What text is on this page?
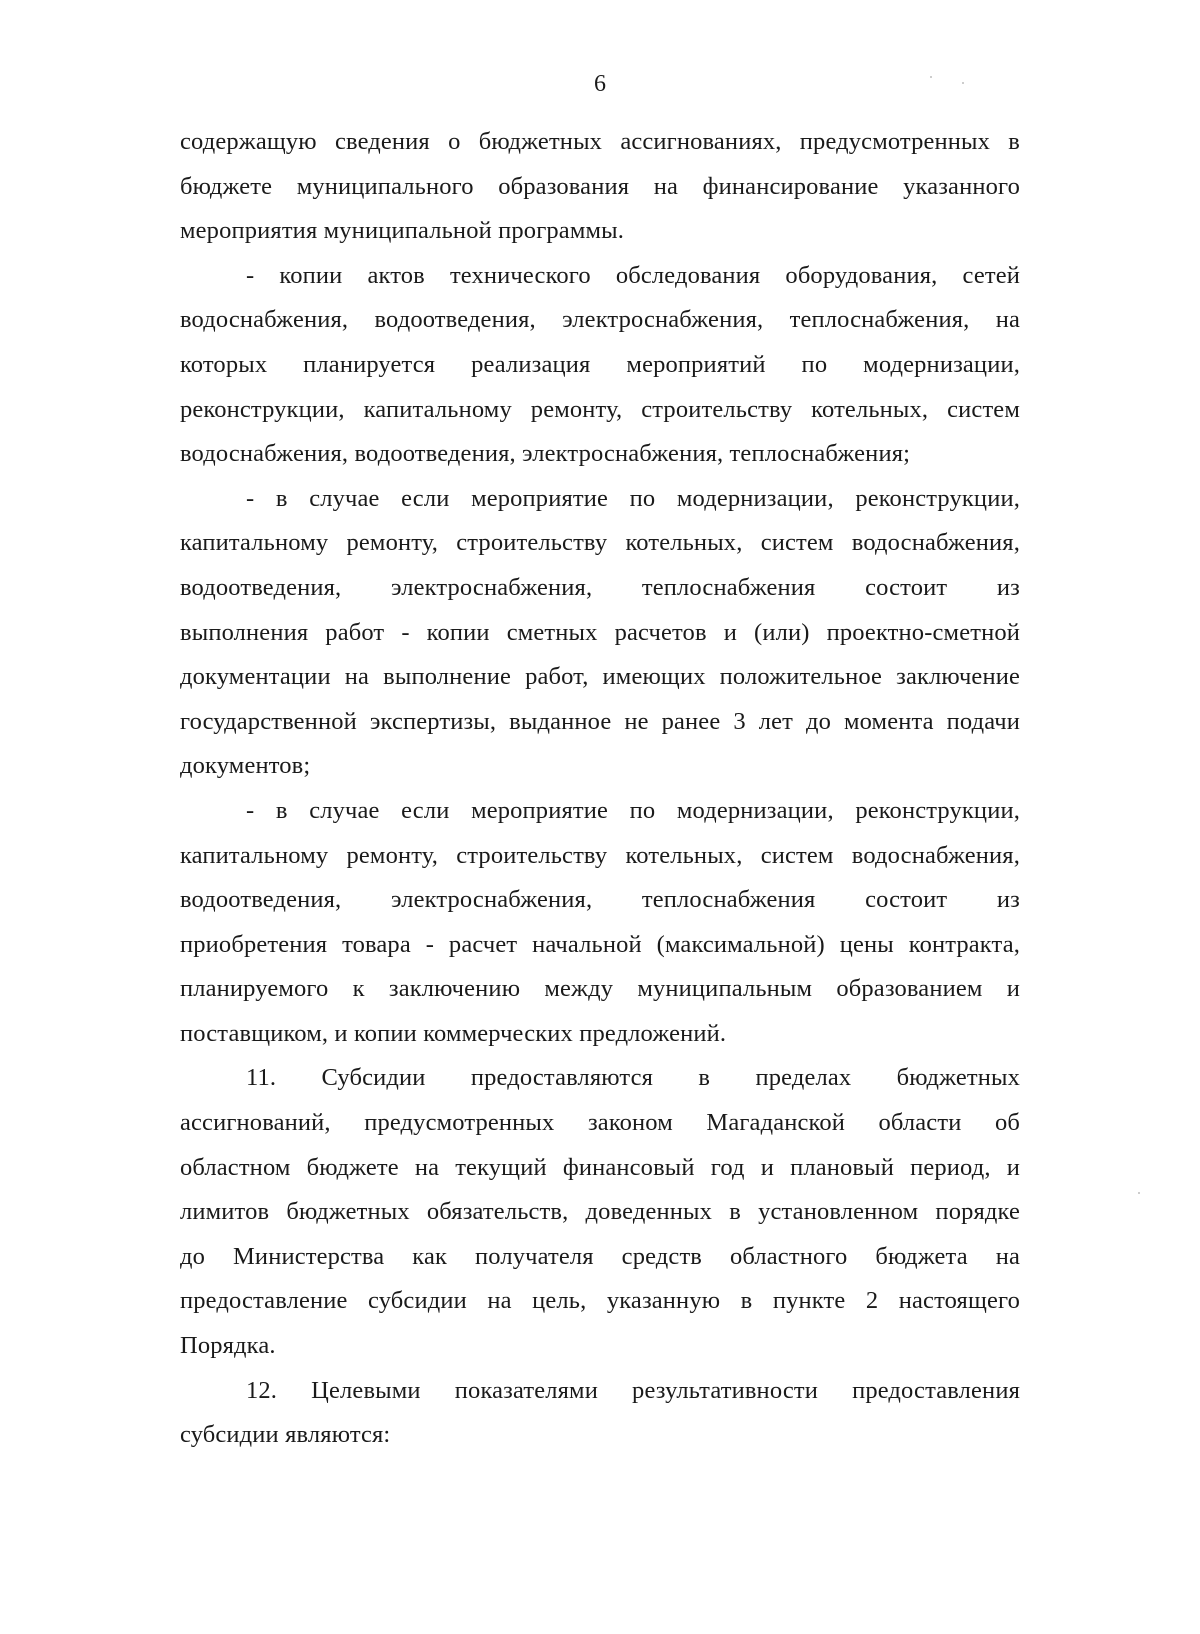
6

содержащую сведения о бюджетных ассигнованиях, предусмотренных в
бюджете муниципального образования на финансирование указанного
мероприятия муниципальной программы.

- копии актов технического обследования оборудования, сетей
водоснабжения, водоотведения, электроснабжения, теплоснабжения, на
которых планируется реализация мероприятий по модернизации,
реконструкции, капитальному ремонту, строительству котельных, систем
водоснабжения, водоотведения, электроснабжения, теплоснабжения;

- в случае если мероприятие по модернизации, реконструкции,
капитальному ремонту, строительству котельных, систем водоснабжения,
водоотведения, электроснабжения, теплоснабжения состоит из
выполнения работ - копии сметных расчетов и (или) проектно-сметной
документации на выполнение работ, имеющих положительное заключение
государственной экспертизы, выданное не ранее 3 лет до момента подачи
документов;

- в случае если мероприятие по модернизации, реконструкции,
капитальному ремонту, строительству котельных, систем водоснабжения,
водоотведения, электроснабжения, теплоснабжения состоит из
приобретения товара - расчет начальной (максимальной) цены контракта,
планируемого к заключению между муниципальным образованием и
поставщиком, и копии коммерческих предложений.

11. Субсидии предоставляются в пределах бюджетных
ассигнований, предусмотренных законом Магаданской области об
областном бюджете на текущий финансовый год и плановый период, и
лимитов бюджетных обязательств, доведенных в установленном порядке
до Министерства как получателя средств областного бюджета на
предоставление субсидии на цель, указанную в пункте 2 настоящего
Порядка.

12. Целевыми показателями результативности предоставления
субсидии являются:
